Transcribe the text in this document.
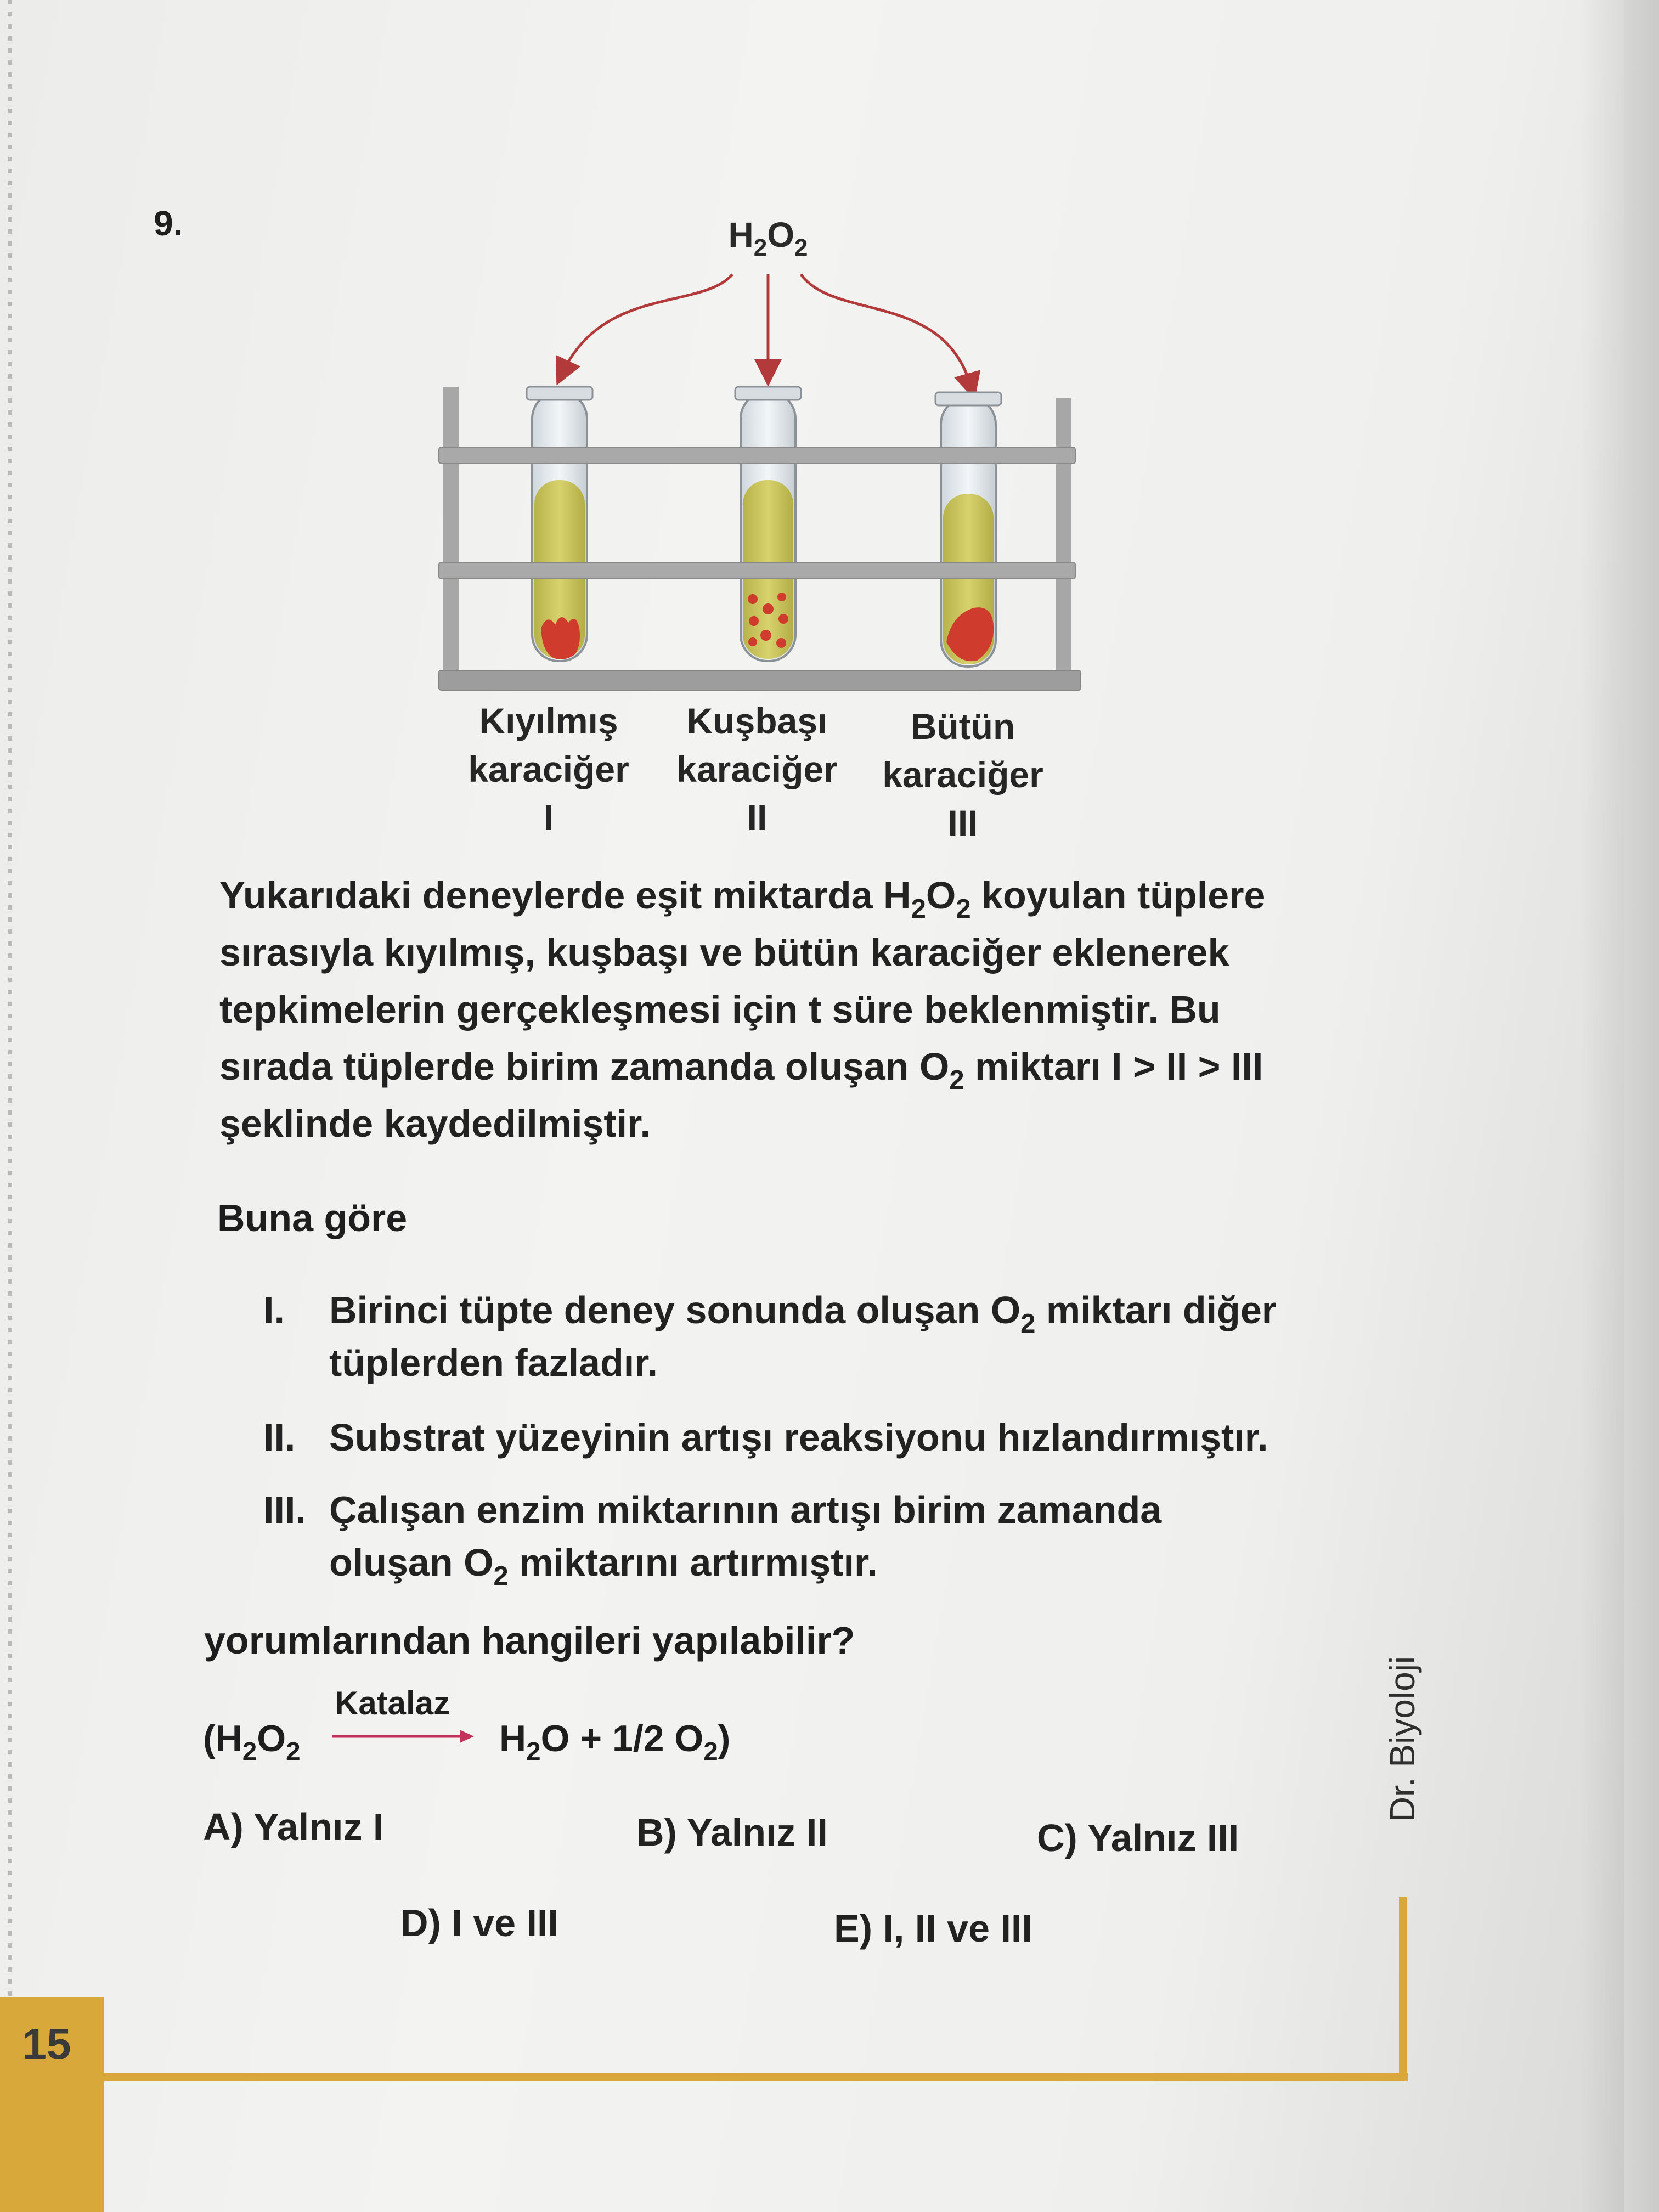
9.	$H_2O_2$
Kıyılmış
karaciğer
I
Kuşbaşı
karaciğer
II
Bütün
karaciğer
III
Yukarıdaki deneylerde eşit miktarda $H_2O_2$ koyulan tüplere sırasıyla kıyılmış, kuşbaşı ve bütün karaciğer eklenerek tepkimelerin gerçekleşmesi için t süre beklenmiştir. Bu sırada tüplerde birim zamanda oluşan $O_2$ miktarı I > II > III şeklinde kaydedilmiştir.
Buna göre
I. Birinci tüpte deney sonunda oluşan $O_2$ miktarı diğer tüplerden fazladır.
II. Substrat yüzeyinin artışı reaksiyonu hızlandırmıştır.
III. Çalışan enzim miktarının artışı birim zamanda oluşan $O_2$ miktarını artırmıştır.
yorumlarından hangileri yapılabilir?
($H_2O_2$
Katalaz
→ $H_2O + 1/2$ $O_2$)
A) Yalnız I	B) Yalnız II	C) Yalnız III
D) I ve III	E) I, II ve III
15
Dr. Biyoloji
